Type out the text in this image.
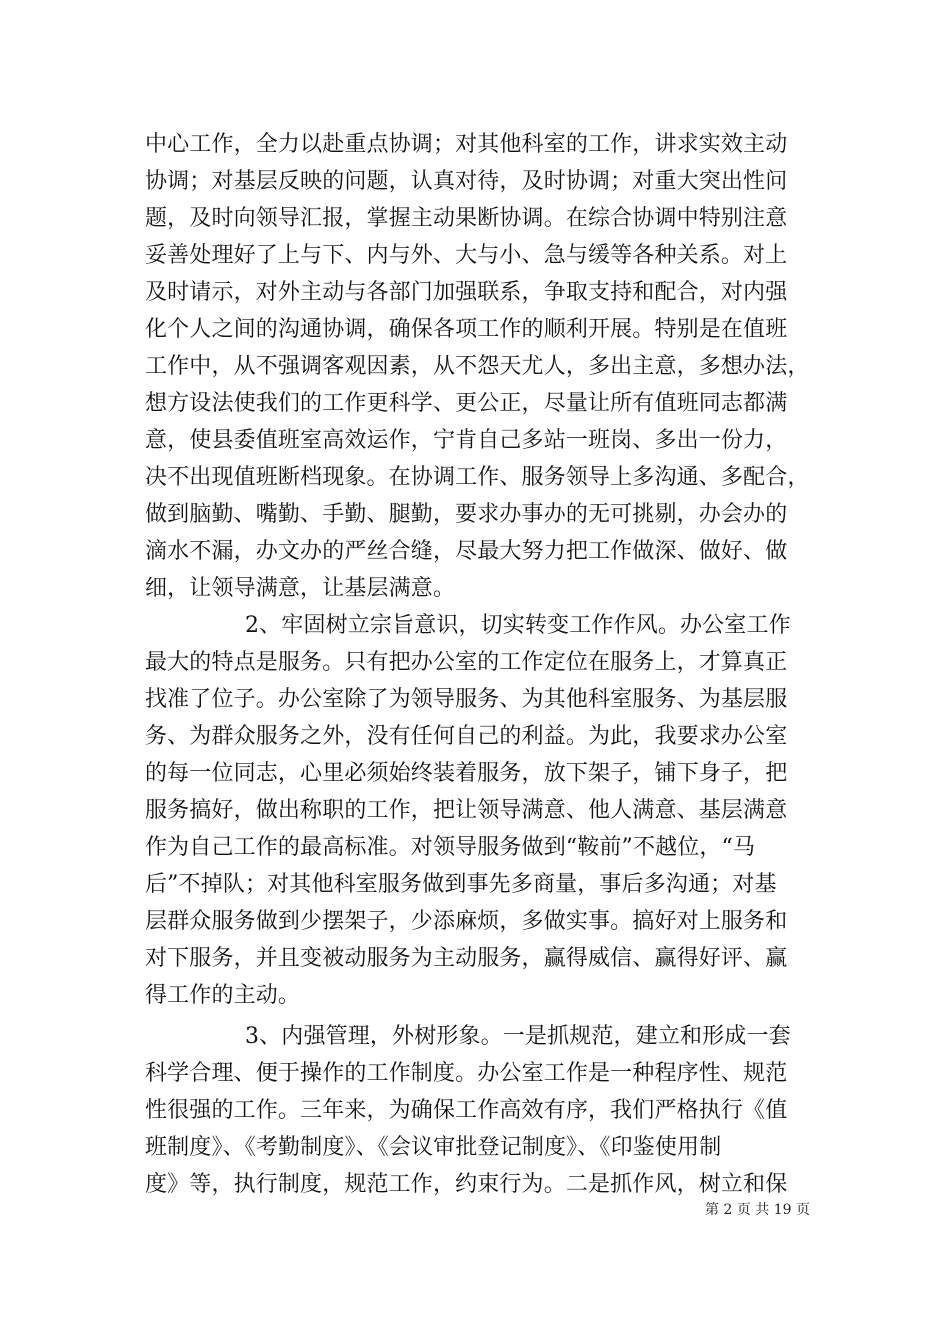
中心工作，全力以赴重点协调；对其他科室的工作，讲求实效主动
协调；对基层反映的问题，认真对待，及时协调；对重大突出性问
题，及时向领导汇报，掌握主动果断协调。在综合协调中特别注意
妥善处理好了上与下、内与外、大与小、急与缓等各种关系。对上
及时请示，对外主动与各部门加强联系，争取支持和配合，对内强
化个人之间的沟通协调，确保各项工作的顺利开展。特别是在值班
工作中，从不强调客观因素，从不怨天尤人，多出主意，多想办法，
想方设法使我们的工作更科学、更公正，尽量让所有值班同志都满
意，使县委值班室高效运作，宁肯自己多站一班岗、多出一份力，
决不出现值班断档现象。在协调工作、服务领导上多沟通、多配合，
做到脑勤、嘴勤、手勤、腿勤，要求办事办的无可挑剔，办会办的
滴水不漏，办文办的严丝合缝，尽最大努力把工作做深、做好、做
细，让领导满意，让基层满意。
2、牢固树立宗旨意识，切实转变工作作风。办公室工作
最大的特点是服务。只有把办公室的工作定位在服务上，才算真正
找准了位子。办公室除了为领导服务、为其他科室服务、为基层服
务、为群众服务之外，没有任何自己的利益。为此，我要求办公室
的每一位同志，心里必须始终装着服务，放下架子，铺下身子，把
服务搞好，做出称职的工作，把让领导满意、他人满意、基层满意
作为自己工作的最高标准。对领导服务做到“鞍前”不越位，“马
后”不掉队；对其他科室服务做到事先多商量，事后多沟通；对基
层群众服务做到少摆架子，少添麻烦，多做实事。搞好对上服务和
对下服务，并且变被动服务为主动服务，赢得威信、赢得好评、赢
得工作的主动。
3、内强管理，外树形象。一是抓规范，建立和形成一套
科学合理、便于操作的工作制度。办公室工作是一种程序性、规范
性很强的工作。三年来，为确保工作高效有序，我们严格执行《值
班制度》、《考勤制度》、《会议审批登记制度》、《印鉴使用制
度》等，执行制度，规范工作，约束行为。二是抓作风，树立和保
第 2 页 共 19 页
